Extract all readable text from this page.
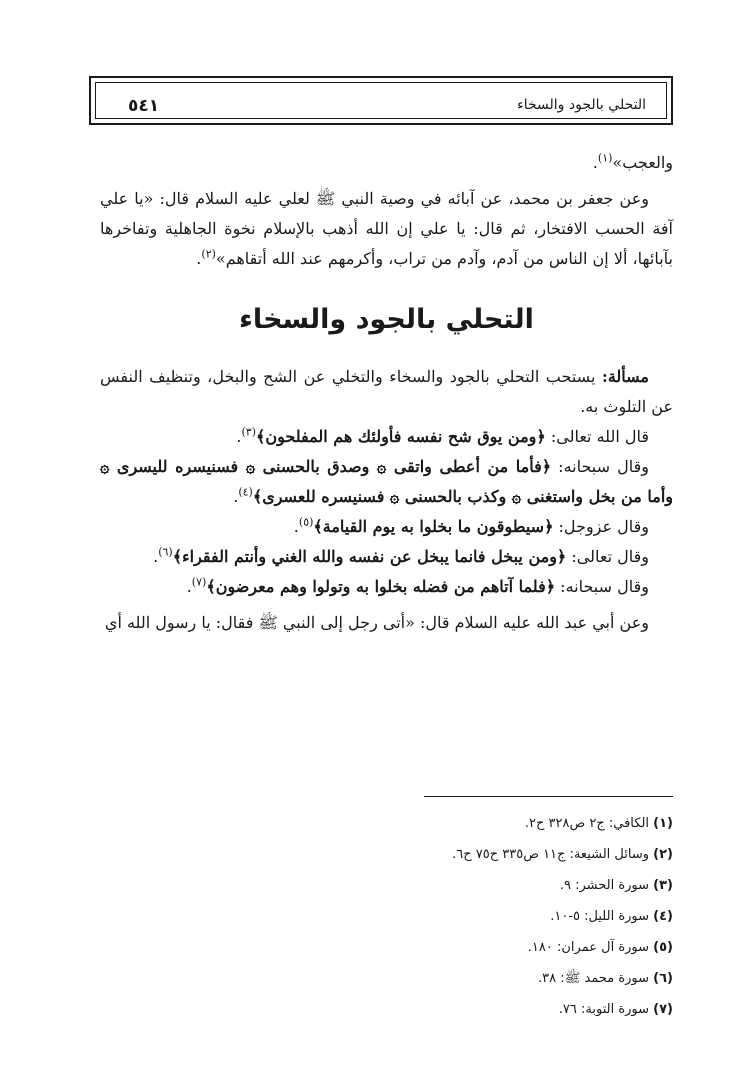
٥٤١	التحلي بالجود والسخاء

والعجب»$^{(١)}$.

وعن جعفر بن محمد، عن آبائه في وصية النبي ﷺ لعلي عليه السلام قال: «يا علي آفة الحسب الافتخار، ثم قال: يا علي إن الله أذهب بالإسلام نخوة الجاهلية وتفاخرها بآبائها، ألا إن الناس من آدم، وآدم من تراب، وأكرمهم عند الله أتقاهم»$^{(٢)}$.

التحلي بالجود والسخاء

مسألة: يستحب التحلي بالجود والسخاء والتخلي عن الشح والبخل، وتنظيف النفس عن التلوث به.

قال الله تعالى: ﴿ومن يوق شح نفسه فأولئك هم المفلحون﴾$^{(٣)}$.

وقال سبحانه: ﴿فأما من أعطى واتقى ۞ وصدق بالحسنى ۞ فسنيسره لليسرى ۞ وأما من بخل واستغنى ۞ وكذب بالحسنى ۞ فسنيسره للعسرى﴾$^{(٤)}$.

وقال عزوجل: ﴿سيطوقون ما بخلوا به يوم القيامة﴾$^{(٥)}$.

وقال تعالى: ﴿ومن يبخل فانما يبخل عن نفسه والله الغني وأنتم الفقراء﴾$^{(٦)}$.

وقال سبحانه: ﴿فلما آتاهم من فضله بخلوا به وتولوا وهم معرضون﴾$^{(٧)}$.

وعن أبي عبد الله عليه السلام قال: «أتى رجل إلى النبي ﷺ فقال: يا رسول الله أي

(١) الكافي: ج٢ ص٣٢٨ ح٢.
(٢) وسائل الشيعة: ج١١ ص٣٣٥ ح٧٥ ح٦.
(٣) سورة الحشر: ٩.
(٤) سورة الليل: ٥-١٠.
(٥) سورة آل عمران: ١٨٠.
(٦) سورة محمد ﷺ: ٣٨.
(٧) سورة التوبة: ٧٦.
